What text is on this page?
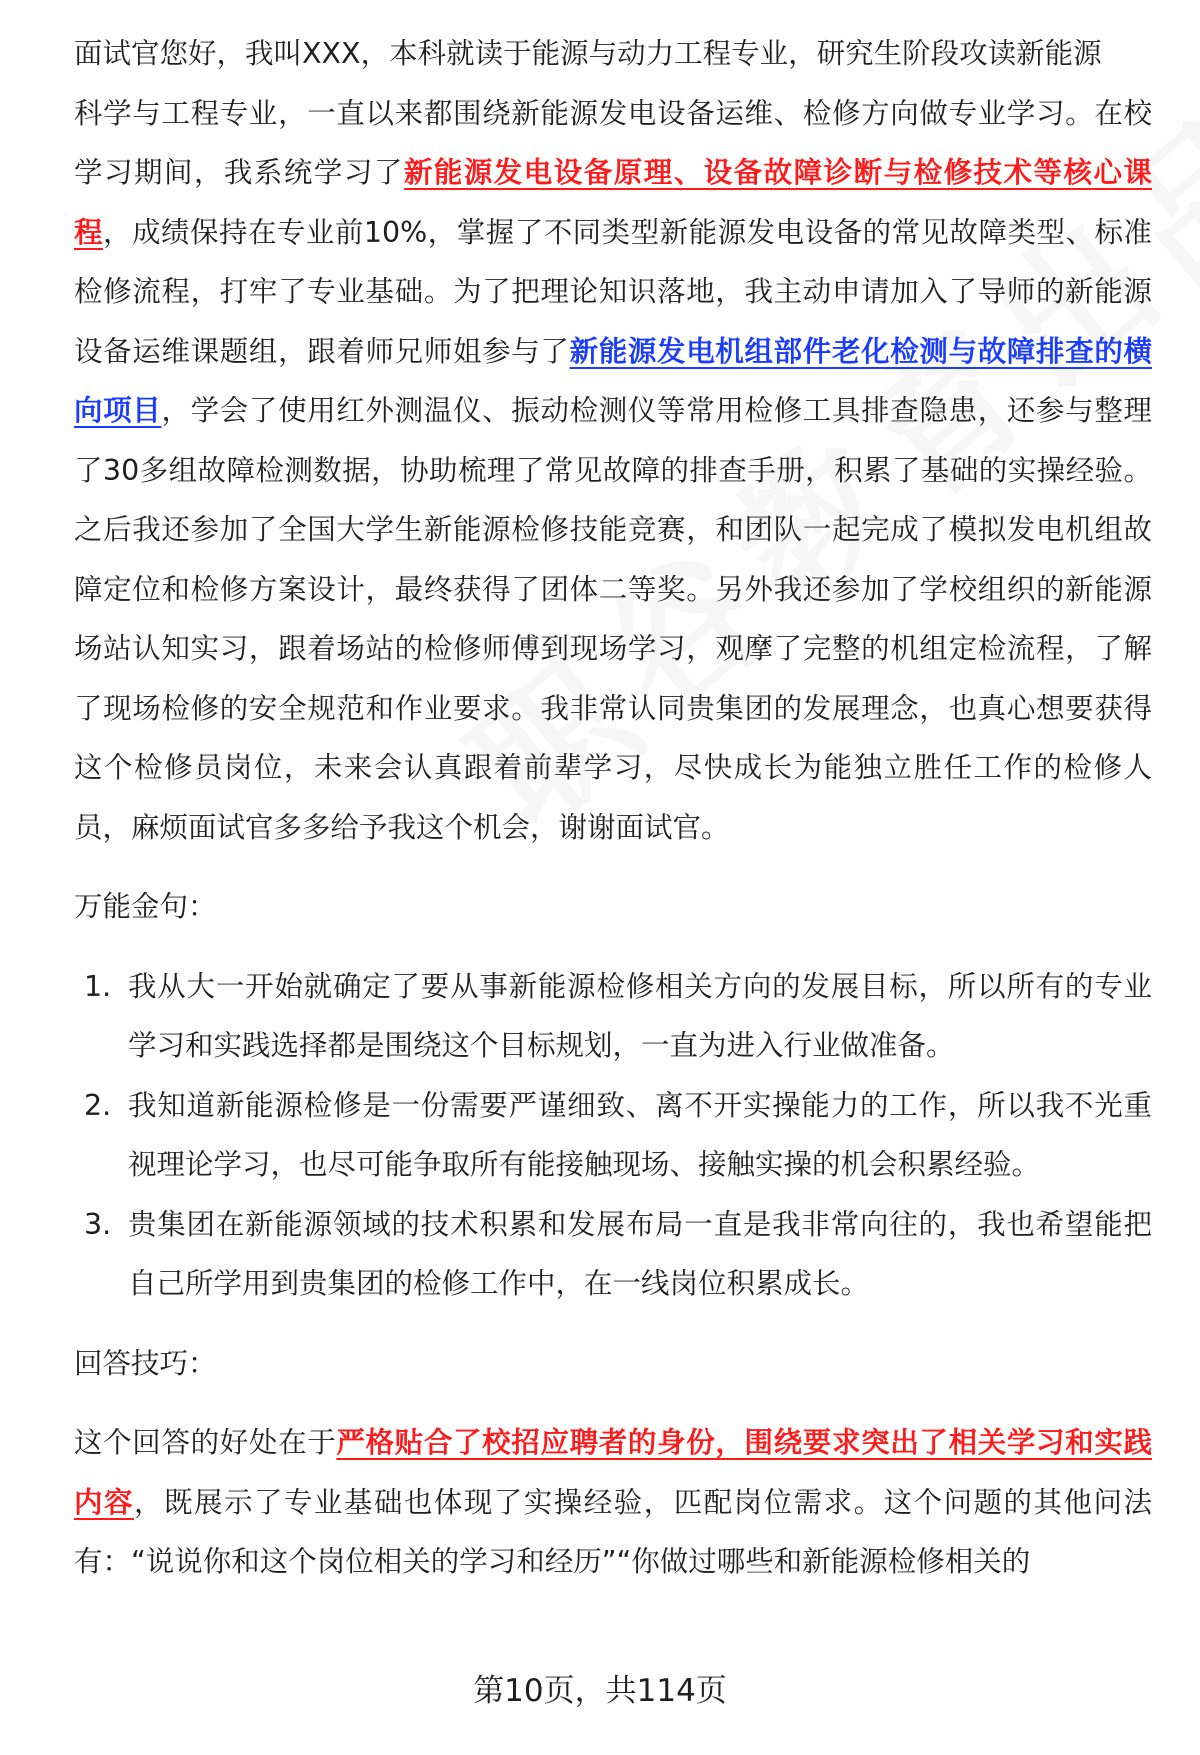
面试官您好，我叫XXX，本科就读于能源与动力工程专业，研究生阶段攻读新能源

科学与工程专业，一直以来都围绕新能源发电设备运维、检修方向做专业学习。在校学习期间，我系统学习了新能源发电设备原理、设备故障诊断与检修技术等核心课程，成绩保持在专业前10%，掌握了不同类型新能源发电设备的常见故障类型、标准检修流程，打牢了专业基础。为了把理论知识落地，我主动申请加入了导师的新能源设备运维课题组，跟着师兄师姐参与了新能源发电机组部件老化检测与故障排查的横向项目，学会了使用红外测温仪、振动检测仪等常用检修工具排查隐患，还参与整理了30多组故障检测数据，协助梳理了常见故障的排查手册，积累了基础的实操经验。之后我还参加了全国大学生新能源检修技能竞赛，和团队一起完成了模拟发电机组故障定位和检修方案设计，最终获得了团体二等奖。另外我还参加了学校组织的新能源场站认知实习，跟着场站的检修师傅到现场学习，观摩了完整的机组定检流程，了解了现场检修的安全规范和作业要求。我非常认同贵集团的发展理念，也真心想要获得这个检修员岗位，未来会认真跟着前辈学习，尽快成长为能独立胜任工作的检修人员，麻烦面试官多多给予我这个机会，谢谢面试官。

万能金句：

1. 我从大一开始就确定了要从事新能源检修相关方向的发展目标，所以所有的专业学习和实践选择都是围绕这个目标规划，一直为进入行业做准备。
2. 我知道新能源检修是一份需要严谨细致、离不开实操能力的工作，所以我不光重视理论学习，也尽可能争取所有能接触现场、接触实操的机会积累经验。
3. 贵集团在新能源领域的技术积累和发展布局一直是我非常向往的，我也希望能把自己所学用到贵集团的检修工作中，在一线岗位积累成长。

回答技巧：

这个回答的好处在于严格贴合了校招应聘者的身份，围绕要求突出了相关学习和实践内容，既展示了专业基础也体现了实操经验，匹配岗位需求。这个问题的其他问法有：“说说你和这个岗位相关的学习和经历”“你做过哪些和新能源检修相关的

第10页，共114页
